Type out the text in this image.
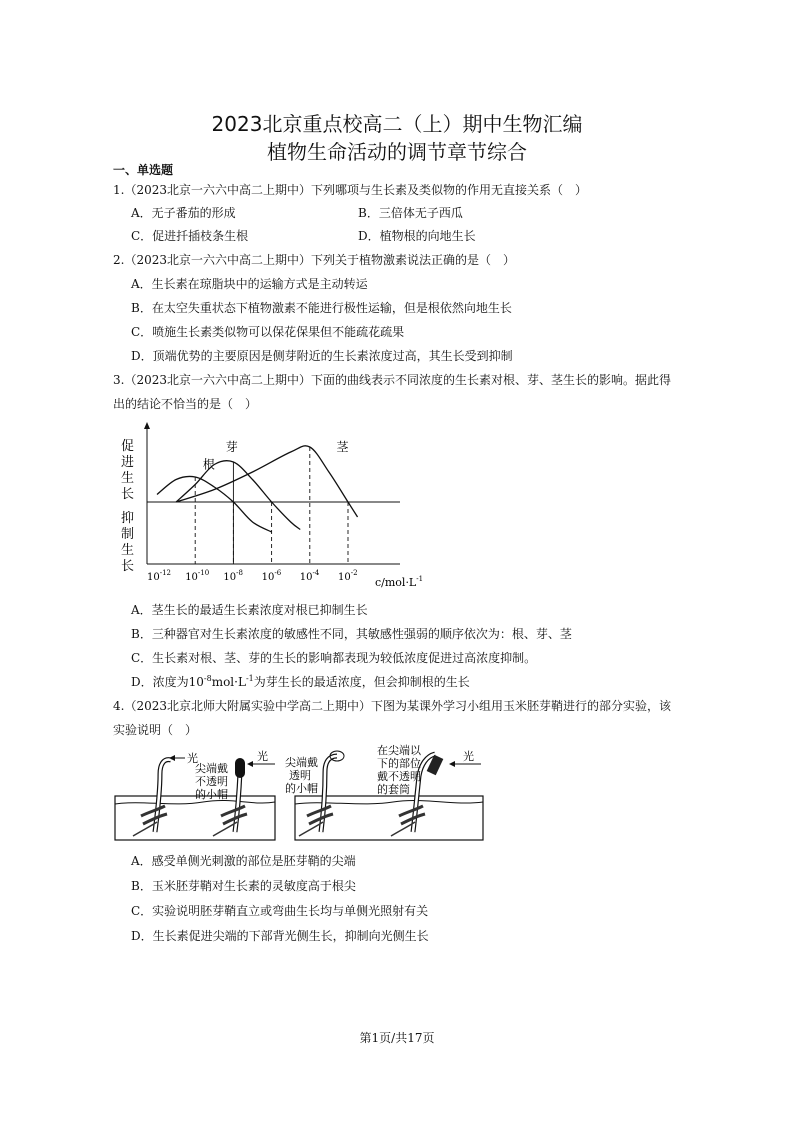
2023北京重点校高二（上）期中生物汇编
植物生命活动的调节章节综合
一、单选题
1.（2023北京一六六中高二上期中）下列哪项与生长素及类似物的作用无直接关系（　）
A．无子番茄的形成	B．三倍体无子西瓜
C．促进扦插枝条生根	D．植物根的向地生长
2.（2023北京一六六中高二上期中）下列关于植物激素说法正确的是（　）
A．生长素在琼脂块中的运输方式是主动转运
B．在太空失重状态下植物激素不能进行极性运输，但是根依然向地生长
C．喷施生长素类似物可以保花保果但不能疏花疏果
D．顶端优势的主要原因是侧芽附近的生长素浓度过高，其生长受到抑制
3.（2023北京一六六中高二上期中）下面的曲线表示不同浓度的生长素对根、芽、茎生长的影响。据此得
出的结论不恰当的是（　）
促
进
生
长
抑
制
生
长
$10^{-12}$ $10^{-10}$ $10^{-8}$ $10^{-6}$ $10^{-4}$ $10^{-2}$
$c/mol\cdot L^{-1}$
根
芽	茎
A．茎生长的最适生长素浓度对根已抑制生长
B．三种器官对生长素浓度的敏感性不同，其敏感性强弱的顺序依次为：根、芽、茎
C．生长素对根、茎、芽的生长的影响都表现为较低浓度促进过高浓度抑制。
D．浓度为$10^{-8}mol\cdot L^{-1}$为芽生长的最适浓度，但会抑制根的生长
4.（2023北京北师大附属实验中学高二上期中）下图为某课外学习小组用玉米胚芽鞘进行的部分实验，该
实验说明（　）
光	光	光
尖端戴
不透明
的小帽
尖端戴
透明
的小帽
在尖端以
下的部位
戴不透明
的套筒
A．感受单侧光刺激的部位是胚芽鞘的尖端
B．玉米胚芽鞘对生长素的灵敏度高于根尖
C．实验说明胚芽鞘直立或弯曲生长均与单侧光照射有关
D．生长素促进尖端的下部背光侧生长，抑制向光侧生长
第1页/共17页
